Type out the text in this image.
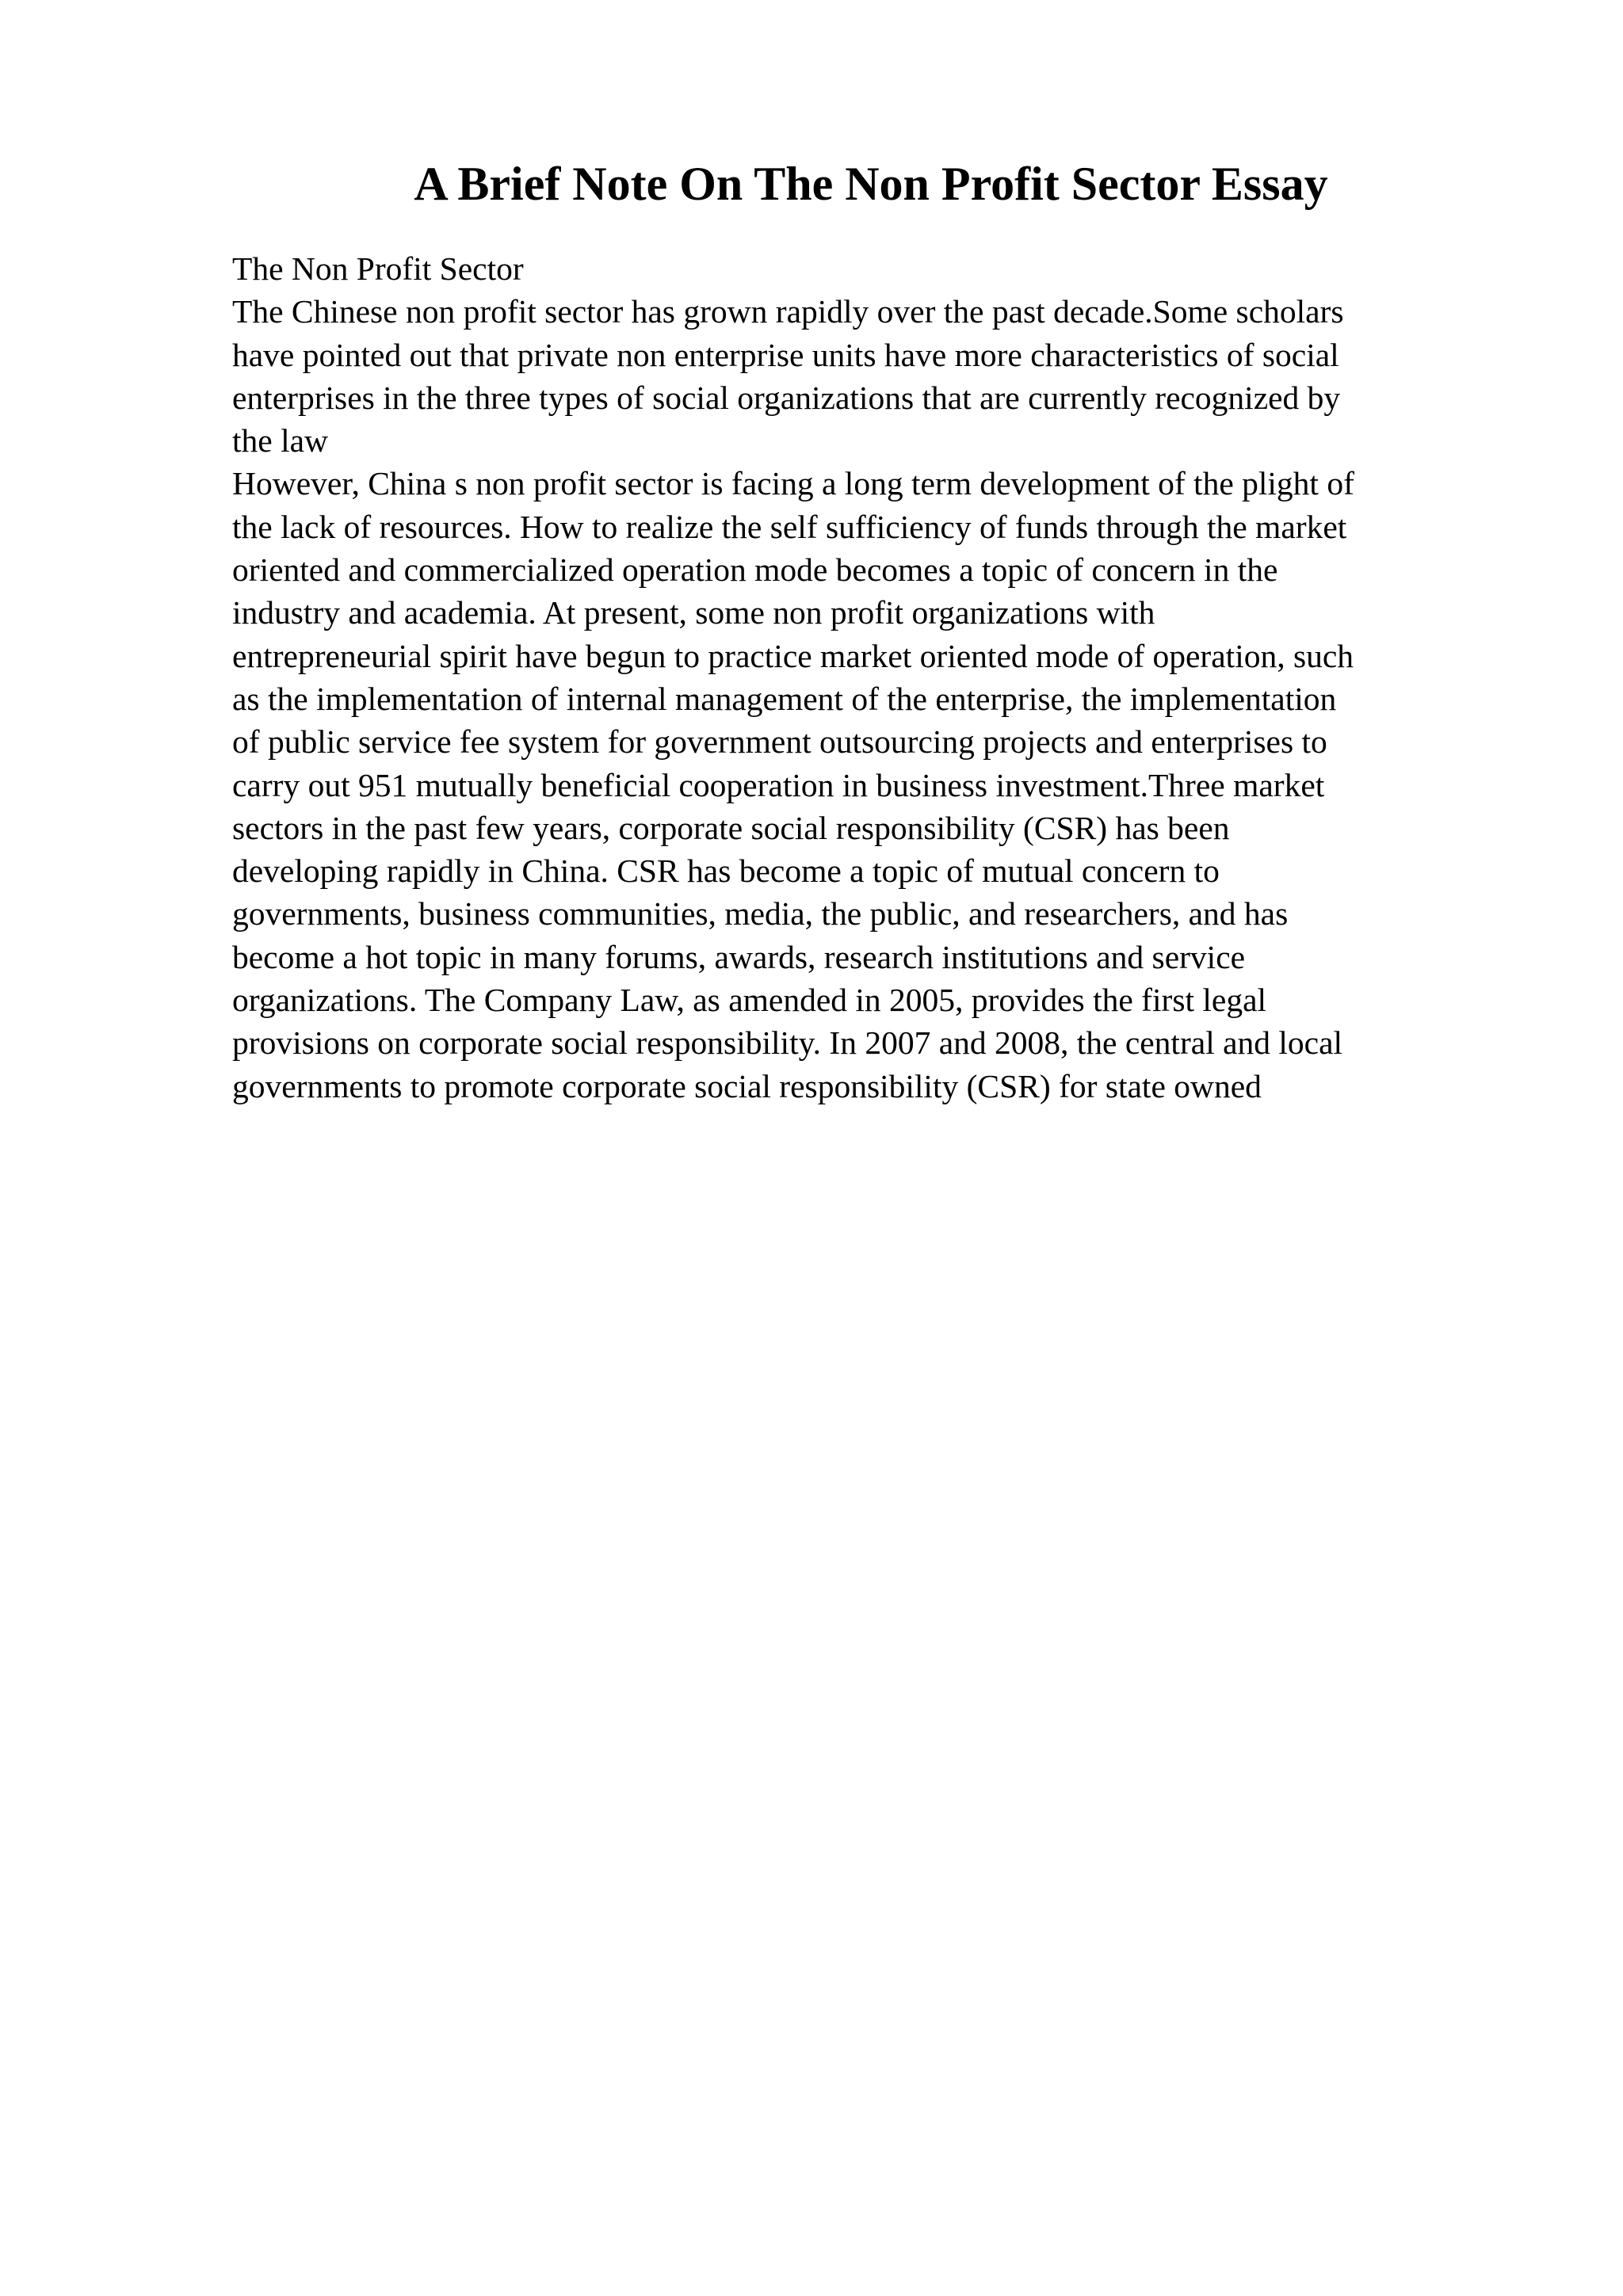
A Brief Note On The Non Profit Sector Essay
The Non Profit Sector
The Chinese non profit sector has grown rapidly over the past decade.Some scholars
have pointed out that private non enterprise units have more characteristics of social
enterprises in the three types of social organizations that are currently recognized by
the law
However, China s non profit sector is facing a long term development of the plight of
the lack of resources. How to realize the self sufficiency of funds through the market
oriented and commercialized operation mode becomes a topic of concern in the
industry and academia. At present, some non profit organizations with
entrepreneurial spirit have begun to practice market oriented mode of operation, such
as the implementation of internal management of the enterprise, the implementation
of public service fee system for government outsourcing projects and enterprises to
carry out 951 mutually beneficial cooperation in business investment.Three market
sectors in the past few years, corporate social responsibility (CSR) has been
developing rapidly in China. CSR has become a topic of mutual concern to
governments, business communities, media, the public, and researchers, and has
become a hot topic in many forums, awards, research institutions and service
organizations. The Company Law, as amended in 2005, provides the first legal
provisions on corporate social responsibility. In 2007 and 2008, the central and local
governments to promote corporate social responsibility (CSR) for state owned
